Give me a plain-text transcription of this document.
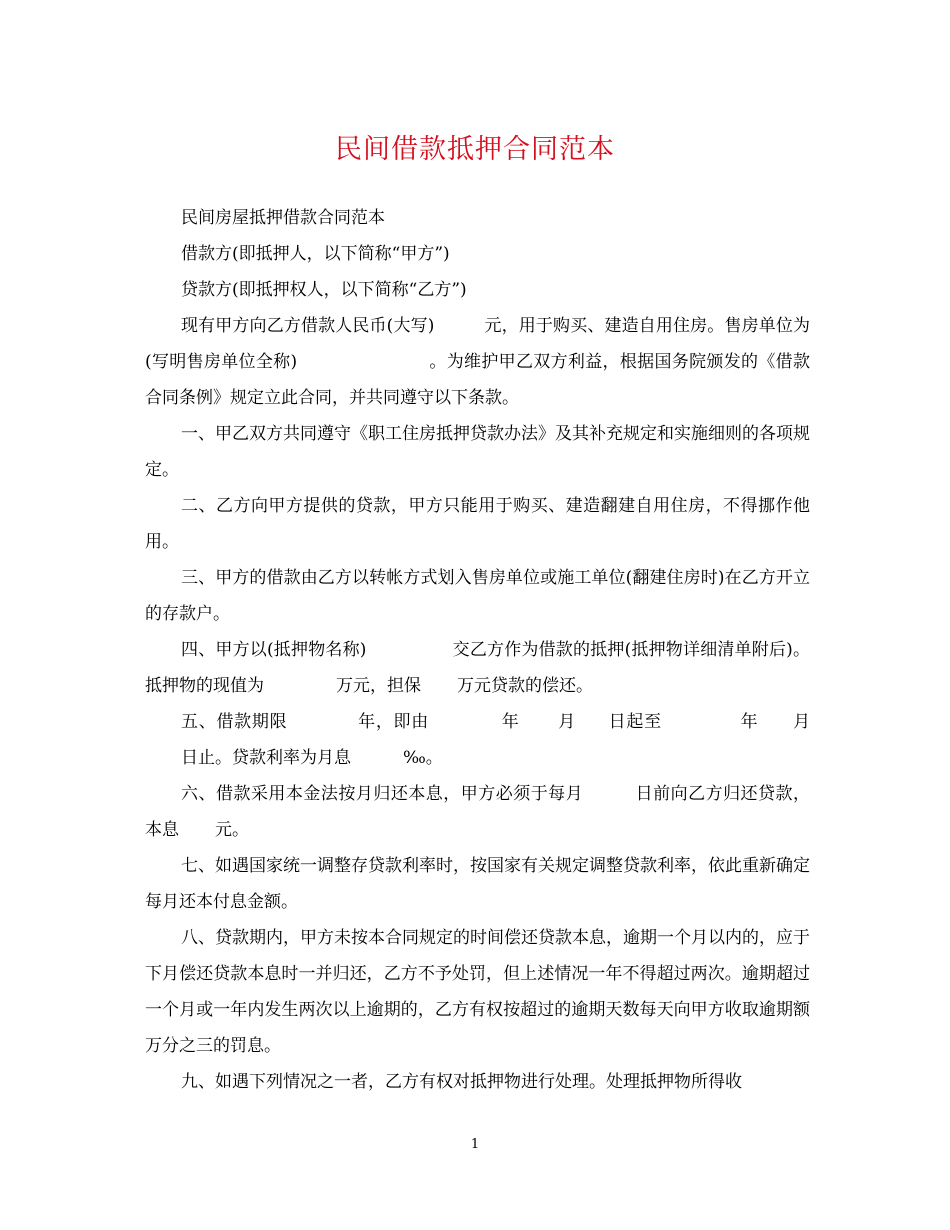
民间借款抵押合同范本

民间房屋抵押借款合同范本

借款方(即抵押人，以下简称“甲方”)

贷款方(即抵押权人，以下简称“乙方”)

现有甲方向乙方借款人民币(大写)	元，用于购买、建造自用住房。售房单位为(写明售房单位全称)	。为维护甲乙双方利益，根据国务院颁发的《借款合同条例》规定立此合同，并共同遵守以下条款。

一、甲乙双方共同遵守《职工住房抵押贷款办法》及其补充规定和实施细则的各项规定。

二、乙方向甲方提供的贷款，甲方只能用于购买、建造翻建自用住房，不得挪作他用。

三、甲方的借款由乙方以转帐方式划入售房单位或施工单位(翻建住房时)在乙方开立的存款户。

四、甲方以(抵押物名称)	交乙方作为借款的抵押(抵押物详细清单附后)。抵押物的现值为	万元，担保 万元贷款的偿还。

五、借款期限	年，即由	年 月 日起至	年 月日止。贷款利率为月息	‰。

六、借款采用本金法按月归还本息，甲方必须于每月	日前向乙方归还贷款，本息 元。

七、如遇国家统一调整存贷款利率时，按国家有关规定调整贷款利率，依此重新确定每月还本付息金额。

八、贷款期内，甲方未按本合同规定的时间偿还贷款本息，逾期一个月以内的，应于下月偿还贷款本息时一并归还，乙方不予处罚，但上述情况一年不得超过两次。逾期超过一个月或一年内发生两次以上逾期的，乙方有权按超过的逾期天数每天向甲方收取逾期额万分之三的罚息。

九、如遇下列情况之一者，乙方有权对抵押物进行处理。处理抵押物所得收

1
